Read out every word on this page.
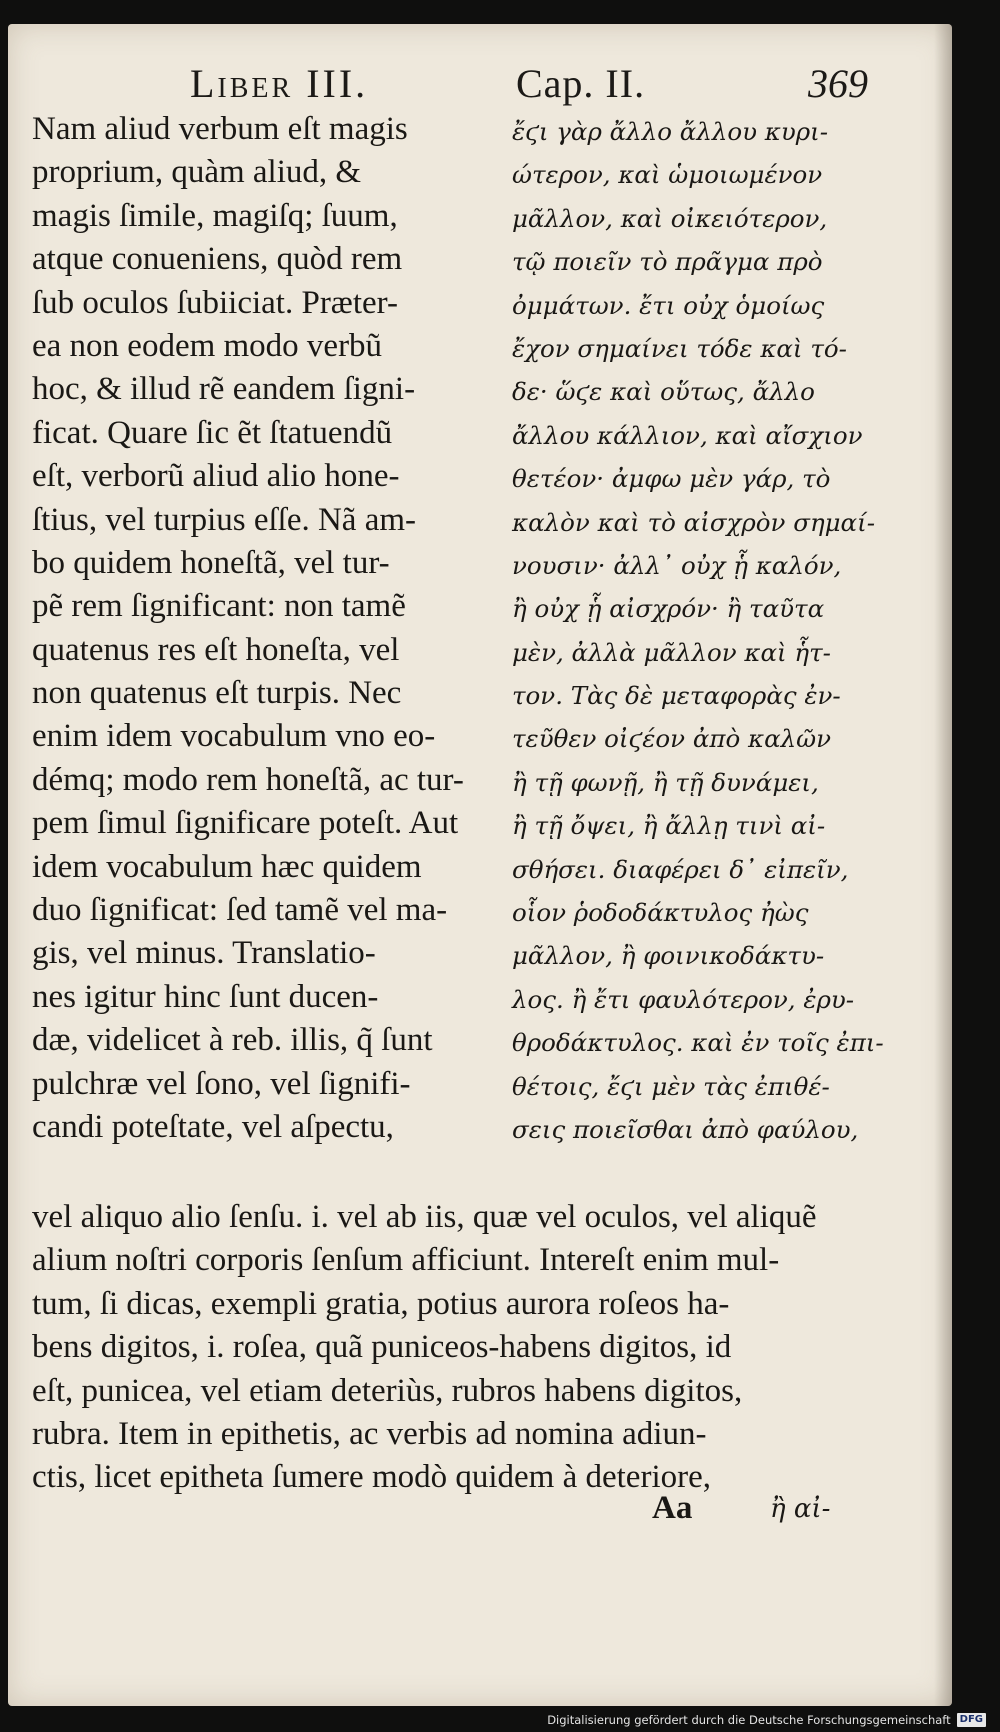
Liber III.	Cap. II.	369
Nam aliud verbum eſt magis
proprium, quàm aliud, &
magis ſimile, magiſq; ſuum,
atque conueniens, quòd rem
ſub oculos ſubiiciat. Præter-
ea non eodem modo verbũ
hoc, & illud rẽ eandem ſigni-
ficat. Quare ſic ẽt ſtatuendũ
eſt, verborũ aliud alio hone-
ſtius, vel turpius eſſe. Nã am-
bo quidem honeſtã, vel tur-
pẽ rem ſignificant: non tamẽ
quatenus res eſt honeſta, vel
non quatenus eſt turpis. Nec
enim idem vocabulum vno eo-
démq; modo rem honeſtã, ac tur-
pem ſimul ſignificare poteſt. Aut
idem vocabulum hæc quidem
duo ſignificat: ſed tamẽ vel ma-
gis, vel minus. Translatio-
nes igitur hinc ſunt ducen-
dæ, videlicet à reb. illis, q̃ ſunt
pulchræ vel ſono, vel ſignifi-
candi poteſtate, vel aſpectu,
ἔϛι γὰρ ἄλλο ἄλλου κυρι-
ώτερον, καὶ ὡμοιωμένον
μᾶλλον, καὶ οἰκειότερον,
τῷ ποιεῖν τὸ πρᾶγμα πρὸ
ὀμμάτων. ἔτι οὐχ ὁμοίως
ἔχον σημαίνει τόδε καὶ τό-
δε· ὥϛε καὶ οὕτως, ἄλλο
ἄλλου κάλλιον, καὶ αἴσχιον
θετέον· ἀμφω μὲν γάρ, τὸ
καλὸν καὶ τὸ αἰσχρὸν σημαί-
νουσιν· ἀλλ᾽ οὐχ ᾗ καλόν,
ἢ οὐχ ᾗ αἰσχρόν· ἢ ταῦτα
μὲν, ἀλλὰ μᾶλλον καὶ ἧτ-
τον. Τὰς δὲ μεταφορὰς ἐν-
τεῦθεν οἰϛέον ἀπὸ καλῶν
ἢ τῇ φωνῇ, ἢ τῇ δυνάμει,
ἢ τῇ ὄψει, ἢ ἄλλῃ τινὶ αἰ-
σθήσει. διαφέρει δ᾽ εἰπεῖν,
οἷον ῥοδοδάκτυλος ἠὼς
μᾶλλον, ἢ φοινικοδάκτυ-
λος. ἢ ἔτι φαυλότερον, ἐρυ-
θροδάκτυλος. καὶ ἐν τοῖς ἐπι-
θέτοις, ἔϛι μὲν τὰς ἐπιθέ-
σεις ποιεῖσθαι ἀπὸ φαύλου,
vel aliquo alio ſenſu. i. vel ab iis, quæ vel oculos, vel aliquẽ
alium noſtri corporis ſenſum afficiunt. Intereſt enim mul-
tum, ſi dicas, exempli gratia, potius aurora roſeos ha-
bens digitos, i. roſea, quã puniceos-habens digitos, id
eſt, punicea, vel etiam deteriùs, rubros habens digitos,
rubra. Item in epithetis, ac verbis ad nomina adiun-
ctis, licet epitheta ſumere modò quidem à deteriore,
Aa	ἢ αἰ-
Digitalisierung gefördert durch die Deutsche Forschungsgemeinschaft DFG
